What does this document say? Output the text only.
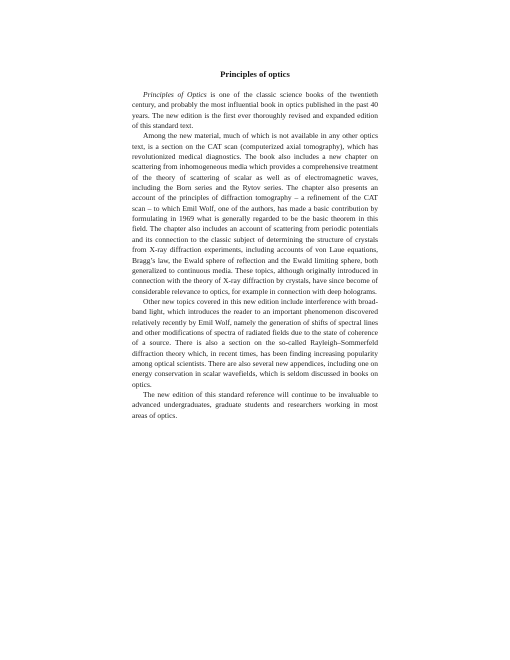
Principles of optics

Principles of Optics is one of the classic science books of the twentieth century, and probably the most influential book in optics published in the past 40 years. The new edition is the first ever thoroughly revised and expanded edition of this standard text.

Among the new material, much of which is not available in any other optics text, is a section on the CAT scan (computerized axial tomography), which has revolutionized medical diagnostics. The book also includes a new chapter on scattering from inhomogeneous media which provides a comprehensive treatment of the theory of scattering of scalar as well as of electromagnetic waves, including the Born series and the Rytov series. The chapter also presents an account of the principles of diffraction tomography – a refinement of the CAT scan – to which Emil Wolf, one of the authors, has made a basic contribution by formulating in 1969 what is generally regarded to be the basic theorem in this field. The chapter also includes an account of scattering from periodic potentials and its connection to the classic subject of determining the structure of crystals from X-ray diffraction experiments, including accounts of von Laue equations, Bragg’s law, the Ewald sphere of reflection and the Ewald limiting sphere, both generalized to continuous media. These topics, although originally introduced in connection with the theory of X-ray diffraction by crystals, have since become of considerable relevance to optics, for example in connection with deep holograms.

Other new topics covered in this new edition include interference with broad-band light, which introduces the reader to an important phenomenon discovered relatively recently by Emil Wolf, namely the generation of shifts of spectral lines and other modifications of spectra of radiated fields due to the state of coherence of a source. There is also a section on the so-called Rayleigh–Sommerfeld diffraction theory which, in recent times, has been finding increasing popularity among optical scientists. There are also several new appendices, including one on energy conservation in scalar wavefields, which is seldom discussed in books on optics.

The new edition of this standard reference will continue to be invaluable to advanced undergraduates, graduate students and researchers working in most areas of optics.
